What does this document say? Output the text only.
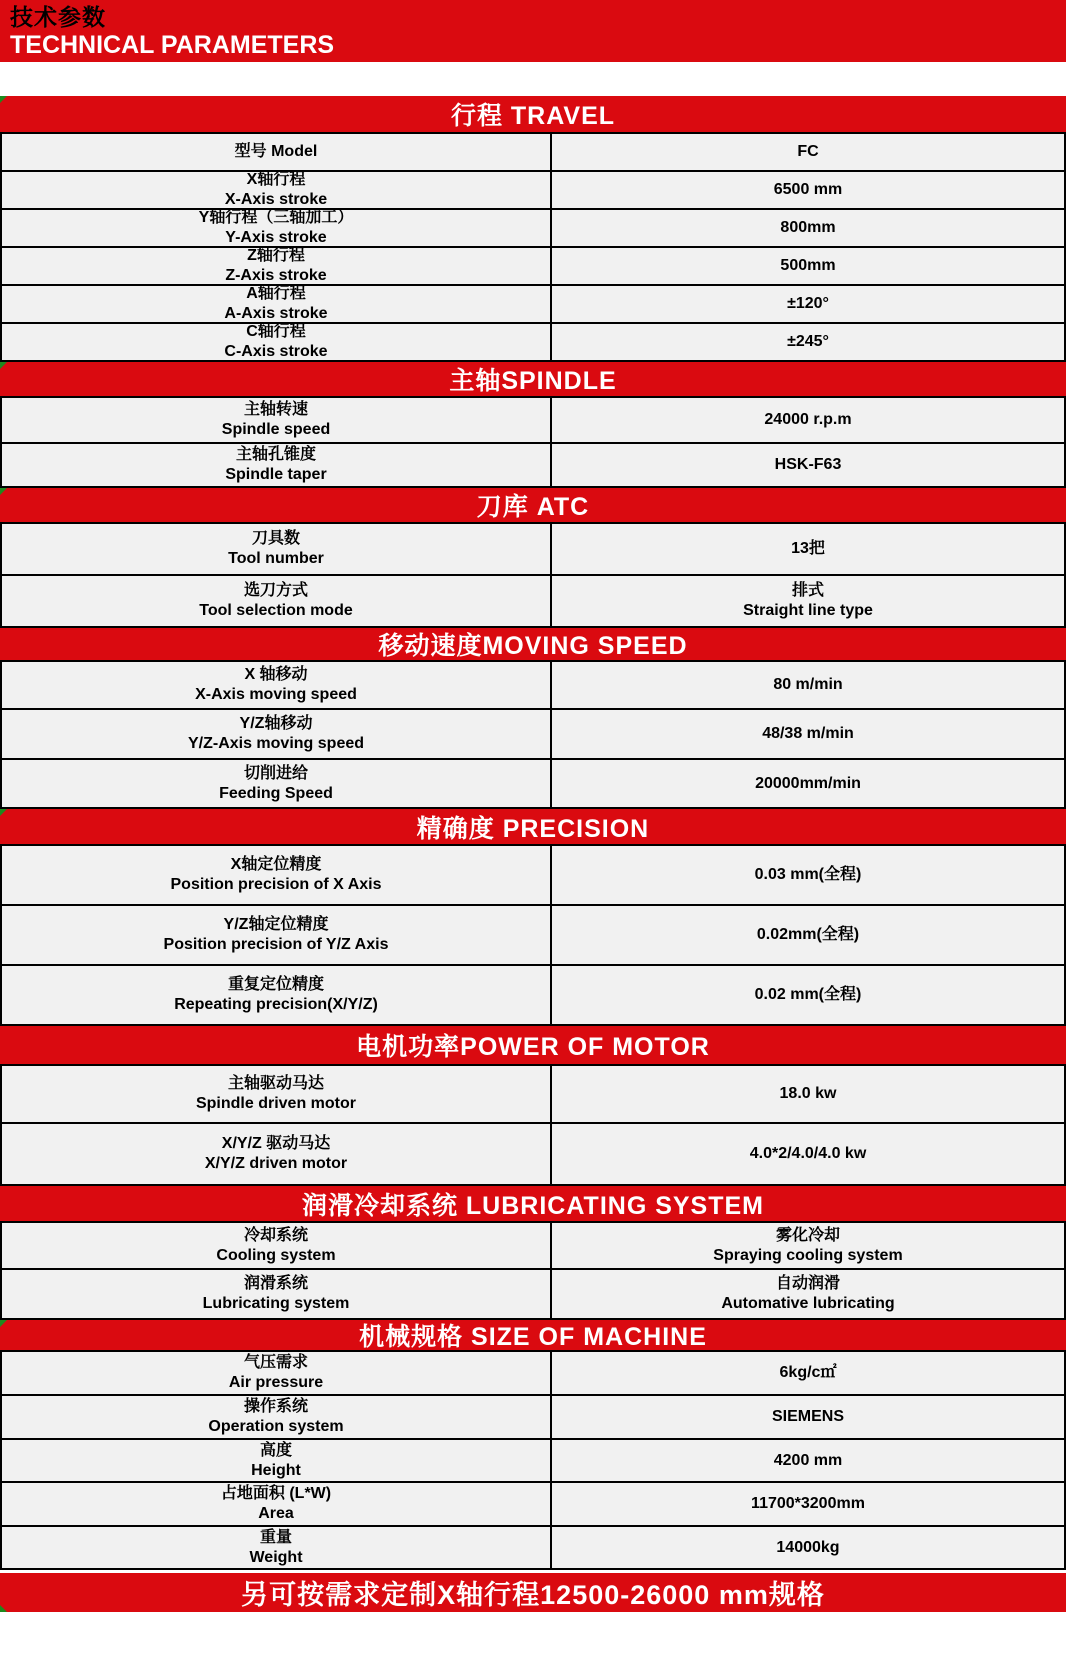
技术参数
TECHNICAL PARAMETERS
行程 TRAVEL
型号 Model	FC
X轴行程
X-Axis stroke
6500 mm
Y轴行程（三轴加工）
Y-Axis stroke
800mm
Z轴行程
Z-Axis stroke
500mm
A轴行程
A-Axis stroke
±120°
C轴行程
C-Axis stroke
±245°
主轴SPINDLE
主轴转速
Spindle speed
24000 r.p.m
主轴孔锥度
Spindle taper
HSK-F63
刀库 ATC
刀具数
Tool number
13把
选刀方式
Tool selection mode
排式
Straight line type
移动速度MOVING SPEED
X 轴移动
X-Axis moving speed
80 m/min
Y/Z轴移动
Y/Z-Axis moving speed
48/38 m/min
切削进给
Feeding Speed
20000mm/min
精确度 PRECISION
X轴定位精度
Position precision of X Axis
0.03 mm(全程)
Y/Z轴定位精度
Position precision of Y/Z Axis
0.02mm(全程)
重复定位精度
Repeating precision(X/Y/Z)
0.02 mm(全程)
电机功率POWER OF MOTOR
主轴驱动马达
Spindle driven motor
18.0 kw
X/Y/Z 驱动马达
X/Y/Z driven motor
4.0*2/4.0/4.0 kw
润滑冷却系统 LUBRICATING SYSTEM
冷却系统
Cooling system
雾化冷却
Spraying cooling system
润滑系统
Lubricating system
自动润滑
Automative lubricating
机械规格 SIZE OF MACHINE
气压需求
Air pressure
6kg/c㎡
操作系统
Operation system
SIEMENS
高度
Height
4200 mm
占地面积 (L*W)
Area
11700*3200mm
重量
Weight
14000kg
另可按需求定制X轴行程12500-26000 mm规格
